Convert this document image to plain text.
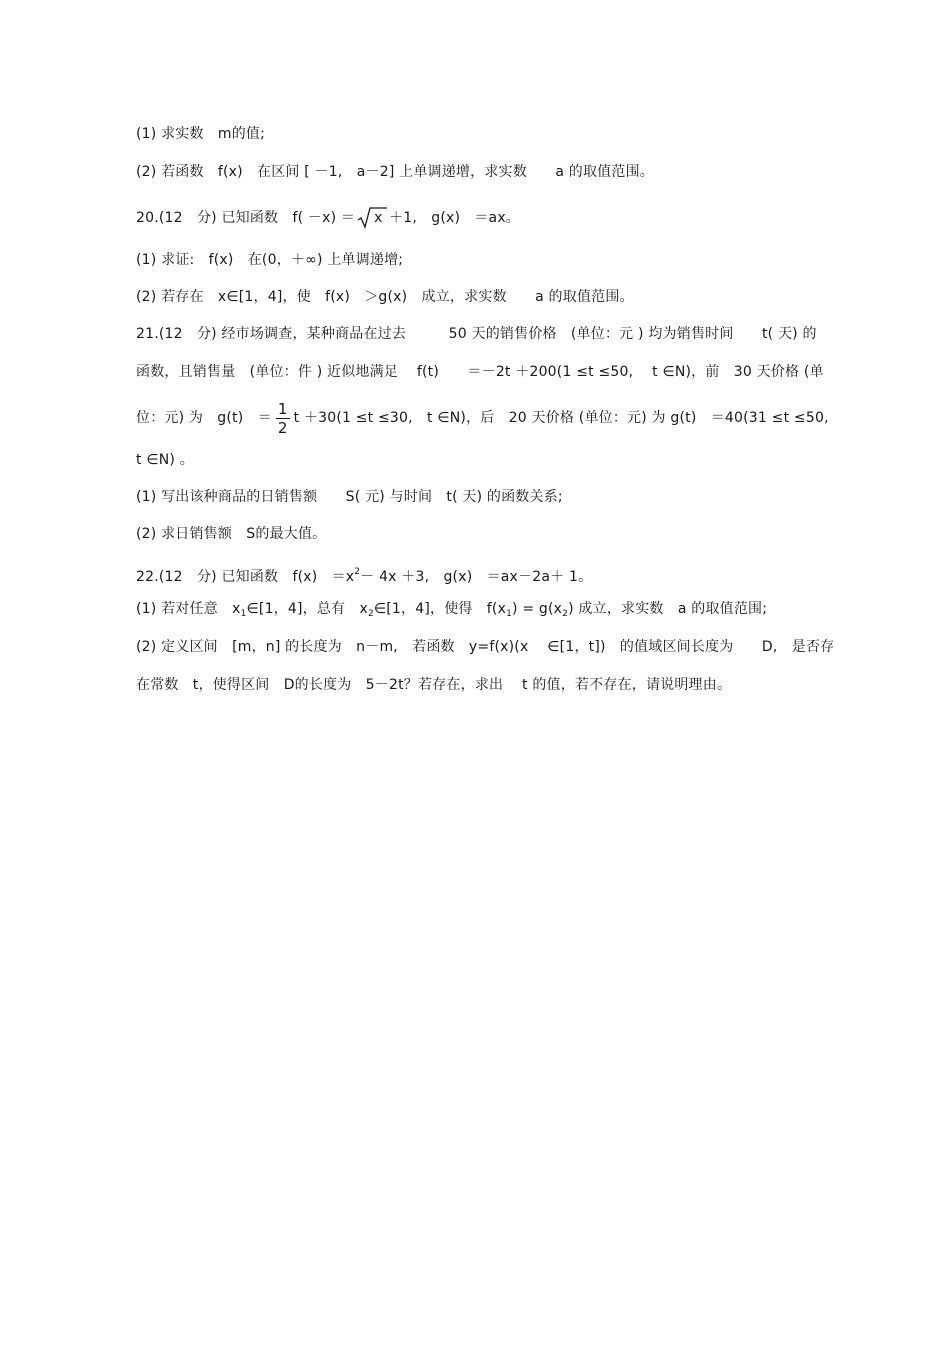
(1) 求实数　m的值;
(2) 若函数　f(x)　在区间 [ －1,　a－2] 上单调递增，求实数　　a 的取值范围。
20.(12　分) 已知函数　f( －x) ＝ x ＋1,　g(x)　＝ax。
(1) 求证:　f(x)　在(0，＋∞) 上单调递增;
(2) 若存在　x∈[1，4]，使　f(x)　＞g(x)　成立，求实数　　a 的取值范围。
21.(12　分) 经市场调查，某种商品在过去　　　50 天的销售价格　(单位：元 ) 均为销售时间　　t( 天) 的
函数，且销售量　(单位：件 ) 近似地满足　 f(t)　　＝－2t ＋200(1 ≤t ≤50,　 t ∈N)，前　30 天价格 (单
位：元) 为　g(t)　＝ $\frac{1}{2}$ t ＋30(1 ≤t ≤30,　t ∈N)，后　20 天价格 (单位：元) 为 g(t)　＝40(31 ≤t ≤50,
t ∈N) 。
(1) 写出该种商品的日销售额　　S( 元) 与时间　t( 天) 的函数关系;
(2) 求日销售额　S的最大值。
22.(12　分) 已知函数　f(x)　$=x^2- 4x +3$,　g(x)　＝ax－2a＋ 1。
(1) 若对任意　$x_1\in[1$，4]，总有　$x_2\in[1$，4]，使得　$f(x_1) = g(x_2)$ 成立，求实数　a 的取值范围;
(2) 定义区间　[m，n] 的长度为　n－m,　若函数　y=f(x)(x　 ∈[1，t])　的值域区间长度为　　D,　是否存
在常数　t，使得区间　D的长度为　5－2t？若存在，求出　 t 的值，若不存在，请说明理由。
